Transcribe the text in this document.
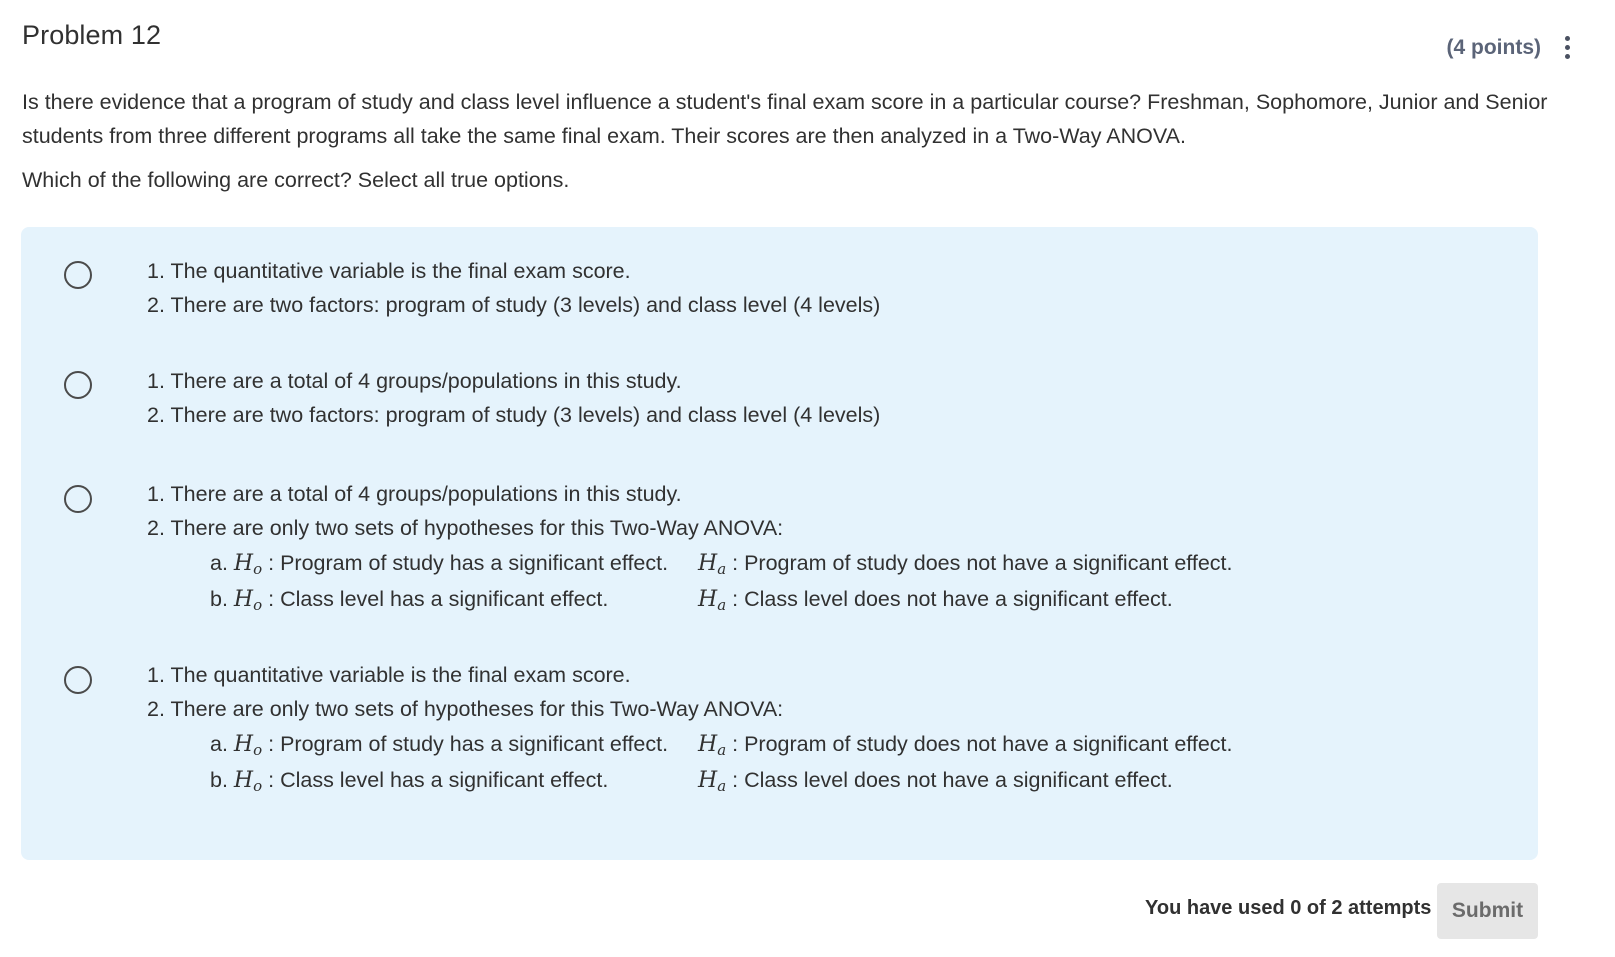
Problem 12	(4 points)

Is there evidence that a program of study and class level influence a student's final exam score in a particular course? Freshman, Sophomore, Junior and Senior students from three different programs all take the same final exam. Their scores are then analyzed in a Two-Way ANOVA.

Which of the following are correct? Select all true options.

1. The quantitative variable is the final exam score.
2. There are two factors: program of study (3 levels) and class level (4 levels)
1. There are a total of 4 groups/populations in this study.
2. There are two factors: program of study (3 levels) and class level (4 levels)
1. There are a total of 4 groups/populations in this study.
2. There are only two sets of hypotheses for this Two-Way ANOVA:
a. $H_o$ : Program of study has a significant effect. $H_a$ : Program of study does not have a significant effect.
b. $H_o$ : Class level has a significant effect.	$H_a$ : Class level does not have a significant effect.
1. The quantitative variable is the final exam score.
2. There are only two sets of hypotheses for this Two-Way ANOVA:
a. $H_o$ : Program of study has a significant effect. $H_a$ : Program of study does not have a significant effect.
b. $H_o$ : Class level has a significant effect.	$H_a$ : Class level does not have a significant effect.
You have used 0 of 2 attempts Submit
